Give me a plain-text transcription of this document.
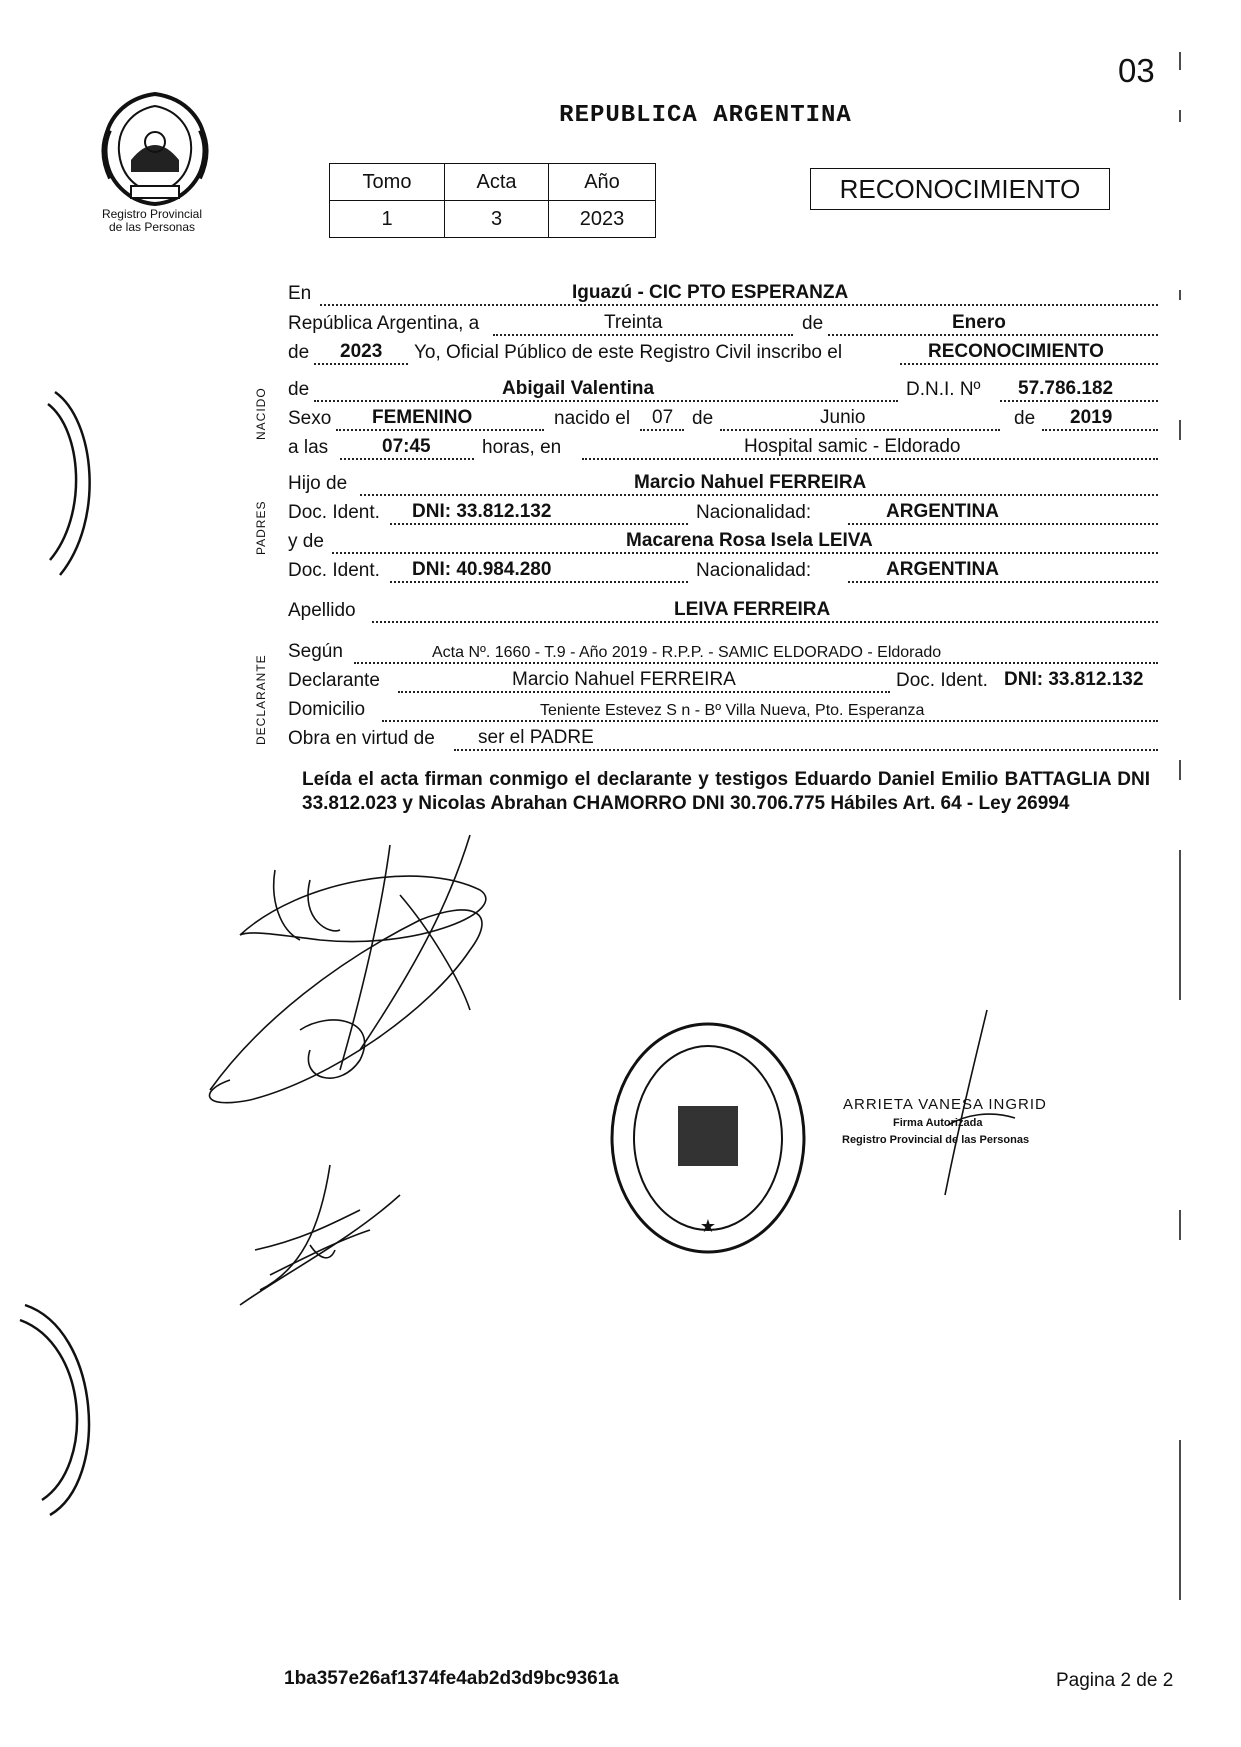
03
REPUBLICA ARGENTINA
Registro Provincial
de las Personas
Tomo	Acta	Año
1	3	2023
RECONOCIMIENTO
NACIDO
PADRES
DECLARANTE
En	Iguazú - CIC PTO ESPERANZA
República Argentina, a	Treinta	de	Enero
de 2023 Yo, Oficial Público de este Registro Civil inscribo el	RECONOCIMIENTO
de	Abigail Valentina	D.N.I. Nº 57.786.182
Sexo FEMENINO	nacido el 07 de	Junio	de 2019
a las	07:45	horas, en	Hospital samic - Eldorado
Hijo de	Marcio Nahuel FERREIRA
Doc. Ident. DNI: 33.812.132	Nacionalidad:	ARGENTINA
y de	Macarena Rosa Isela LEIVA
Doc. Ident. DNI: 40.984.280	Nacionalidad:	ARGENTINA
Apellido	LEIVA FERREIRA
Según	Acta Nº. 1660 - T.9 - Año 2019 - R.P.P. - SAMIC ELDORADO - Eldorado
Declarante	Marcio Nahuel FERREIRA	Doc. Ident. DNI: 33.812.132
Domicilio	Teniente Estevez S n - Bº Villa Nueva, Pto. Esperanza
Obra en virtud de ser el PADRE
Leída el acta firman conmigo el declarante y testigos Eduardo Daniel Emilio BATTAGLIA DNI 33.812.023 y Nicolas Abrahan CHAMORRO DNI 30.706.775 Hábiles Art. 64 - Ley 26994
★
ARRIETA VANESA INGRID
Firma Autorizada
Registro Provincial de las Personas
1ba357e26af1374fe4ab2d3d9bc9361a	Pagina 2 de 2
